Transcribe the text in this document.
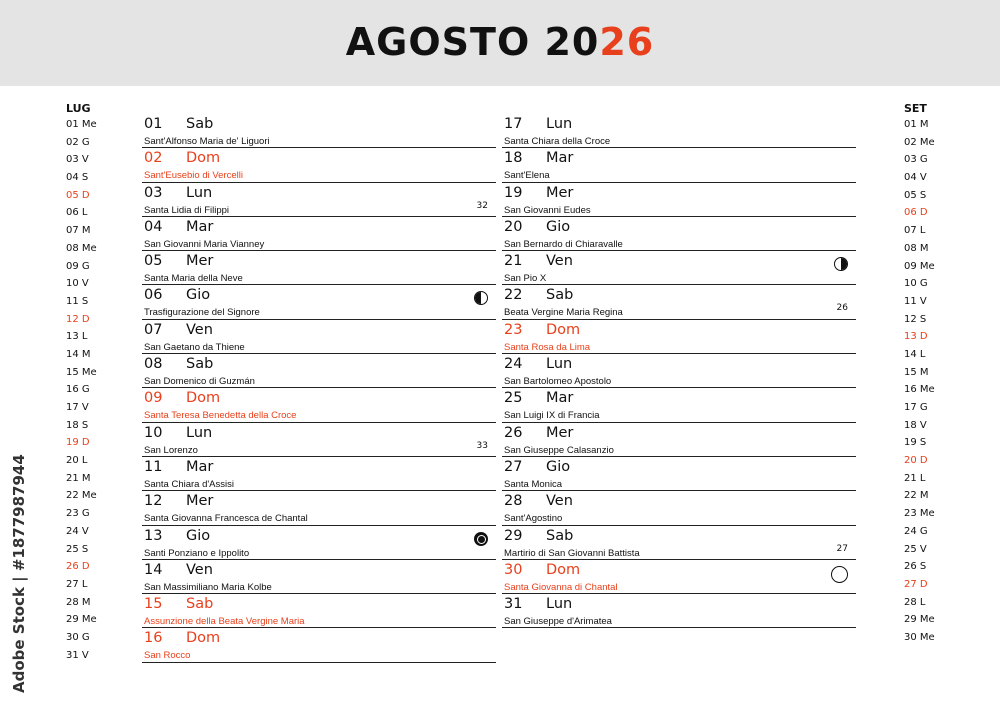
AGOSTO 2026
LUG
01 Me
02 G
03 V
04 S
05 D
06 L
07 M
08 Me
09 G
10 V
11 S
12 D
13 L
14 M
15 Me
16 G
17 V
18 S
19 D
20 L
21 M
22 Me
23 G
24 V
25 S
26 D
27 L
28 M
29 Me
30 G
31 V
SET
01 M
02 Me
03 G
04 V
05 S
06 D
07 L
08 M
09 Me
10 G
11 V
12 S
13 D
14 L
15 M
16 Me
17 G
18 V
19 S
20 D
21 L
22 M
23 Me
24 G
25 V
26 S
27 D
28 L
29 Me
30 Me
01 Sab
Sant'Alfonso Maria de' Liguori
02 Dom
Sant'Eusebio di Vercelli
03 Lun
Santa Lidia di Filippi	32
04 Mar
San Giovanni Maria Vianney
05 Mer
Santa Maria della Neve
06 Gio
Trasfigurazione del Signore
07 Ven
San Gaetano da Thiene
08 Sab
San Domenico di Guzmán
09 Dom
Santa Teresa Benedetta della Croce
10 Lun
San Lorenzo	33
11 Mar
Santa Chiara d'Assisi
12 Mer
Santa Giovanna Francesca de Chantal
13 Gio
Santi Ponziano e Ippolito
14 Ven
San Massimiliano Maria Kolbe
15 Sab
Assunzione della Beata Vergine Maria
16 Dom
San Rocco
17 Lun
Santa Chiara della Croce
18 Mar
Sant'Elena
19 Mer
San Giovanni Eudes
20 Gio
San Bernardo di Chiaravalle
21 Ven
San Pio X
22 Sab
Beata Vergine Maria Regina	26
23 Dom
Santa Rosa da Lima
24 Lun
San Bartolomeo Apostolo
25 Mar
San Luigi IX di Francia
26 Mer
San Giuseppe Calasanzio
27 Gio
Santa Monica
28 Ven
Sant'Agostino
29 Sab
Martirio di San Giovanni Battista	27
30 Dom
Santa Giovanna di Chantal
31 Lun
San Giuseppe d'Arimatea
Adobe Stock | #1877987944
